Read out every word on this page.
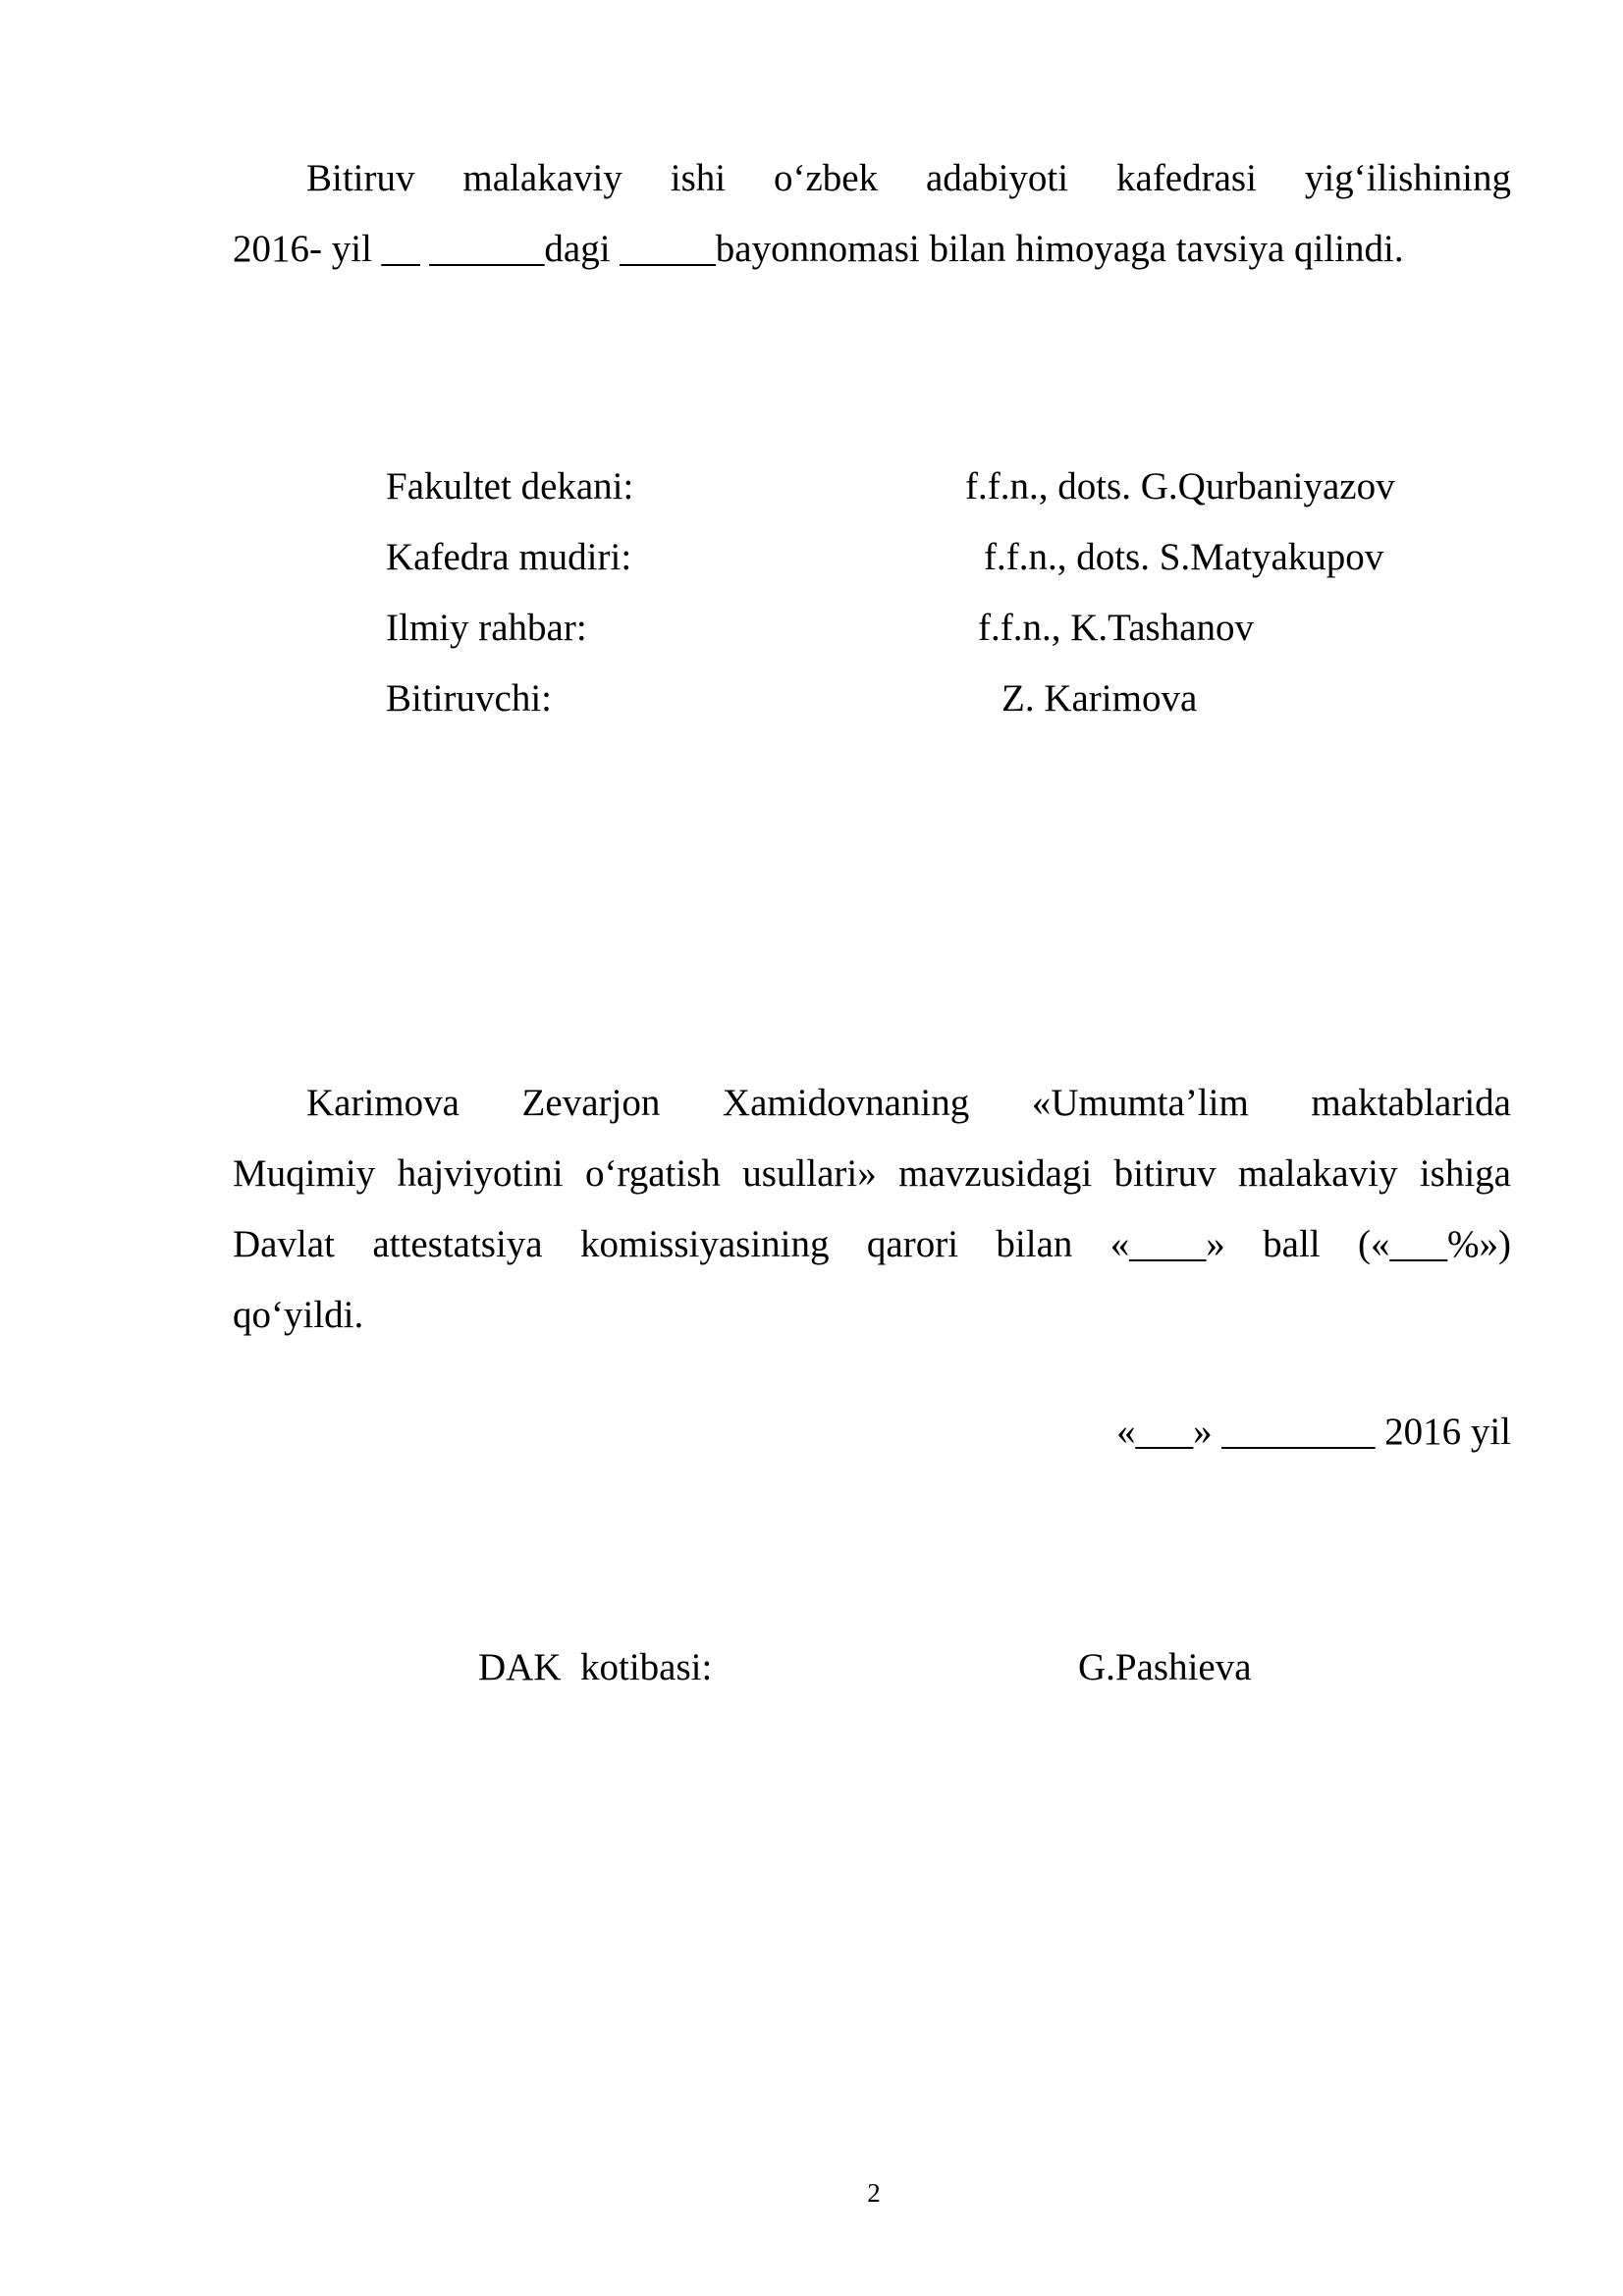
Bitiruv malakaviy ishi o‘zbek adabiyoti kafedrasi yig‘ilishining
2016- yil __ ______dagi _____bayonnomasi bilan himoyaga tavsiya qilindi.
Fakultet dekani:	f.f.n., dots. G.Qurbaniyazov
Kafedra mudiri:	f.f.n., dots. S.Matyakupov
Ilmiy rahbar:	f.f.n., K.Tashanov
Bitiruvchi:	Z. Karimova
Karimova Zevarjon Xamidovnaning «Umumta’lim maktablarida
Muqimiy hajviyotini o‘rgatish usullari» mavzusidagi bitiruv malakaviy ishiga
Davlat attestatsiya komissiyasining qarori bilan «____» ball («___%»)
qo‘yildi.
«___» ________ 2016 yil
DAK  kotibasi:	G.Pashieva
2
